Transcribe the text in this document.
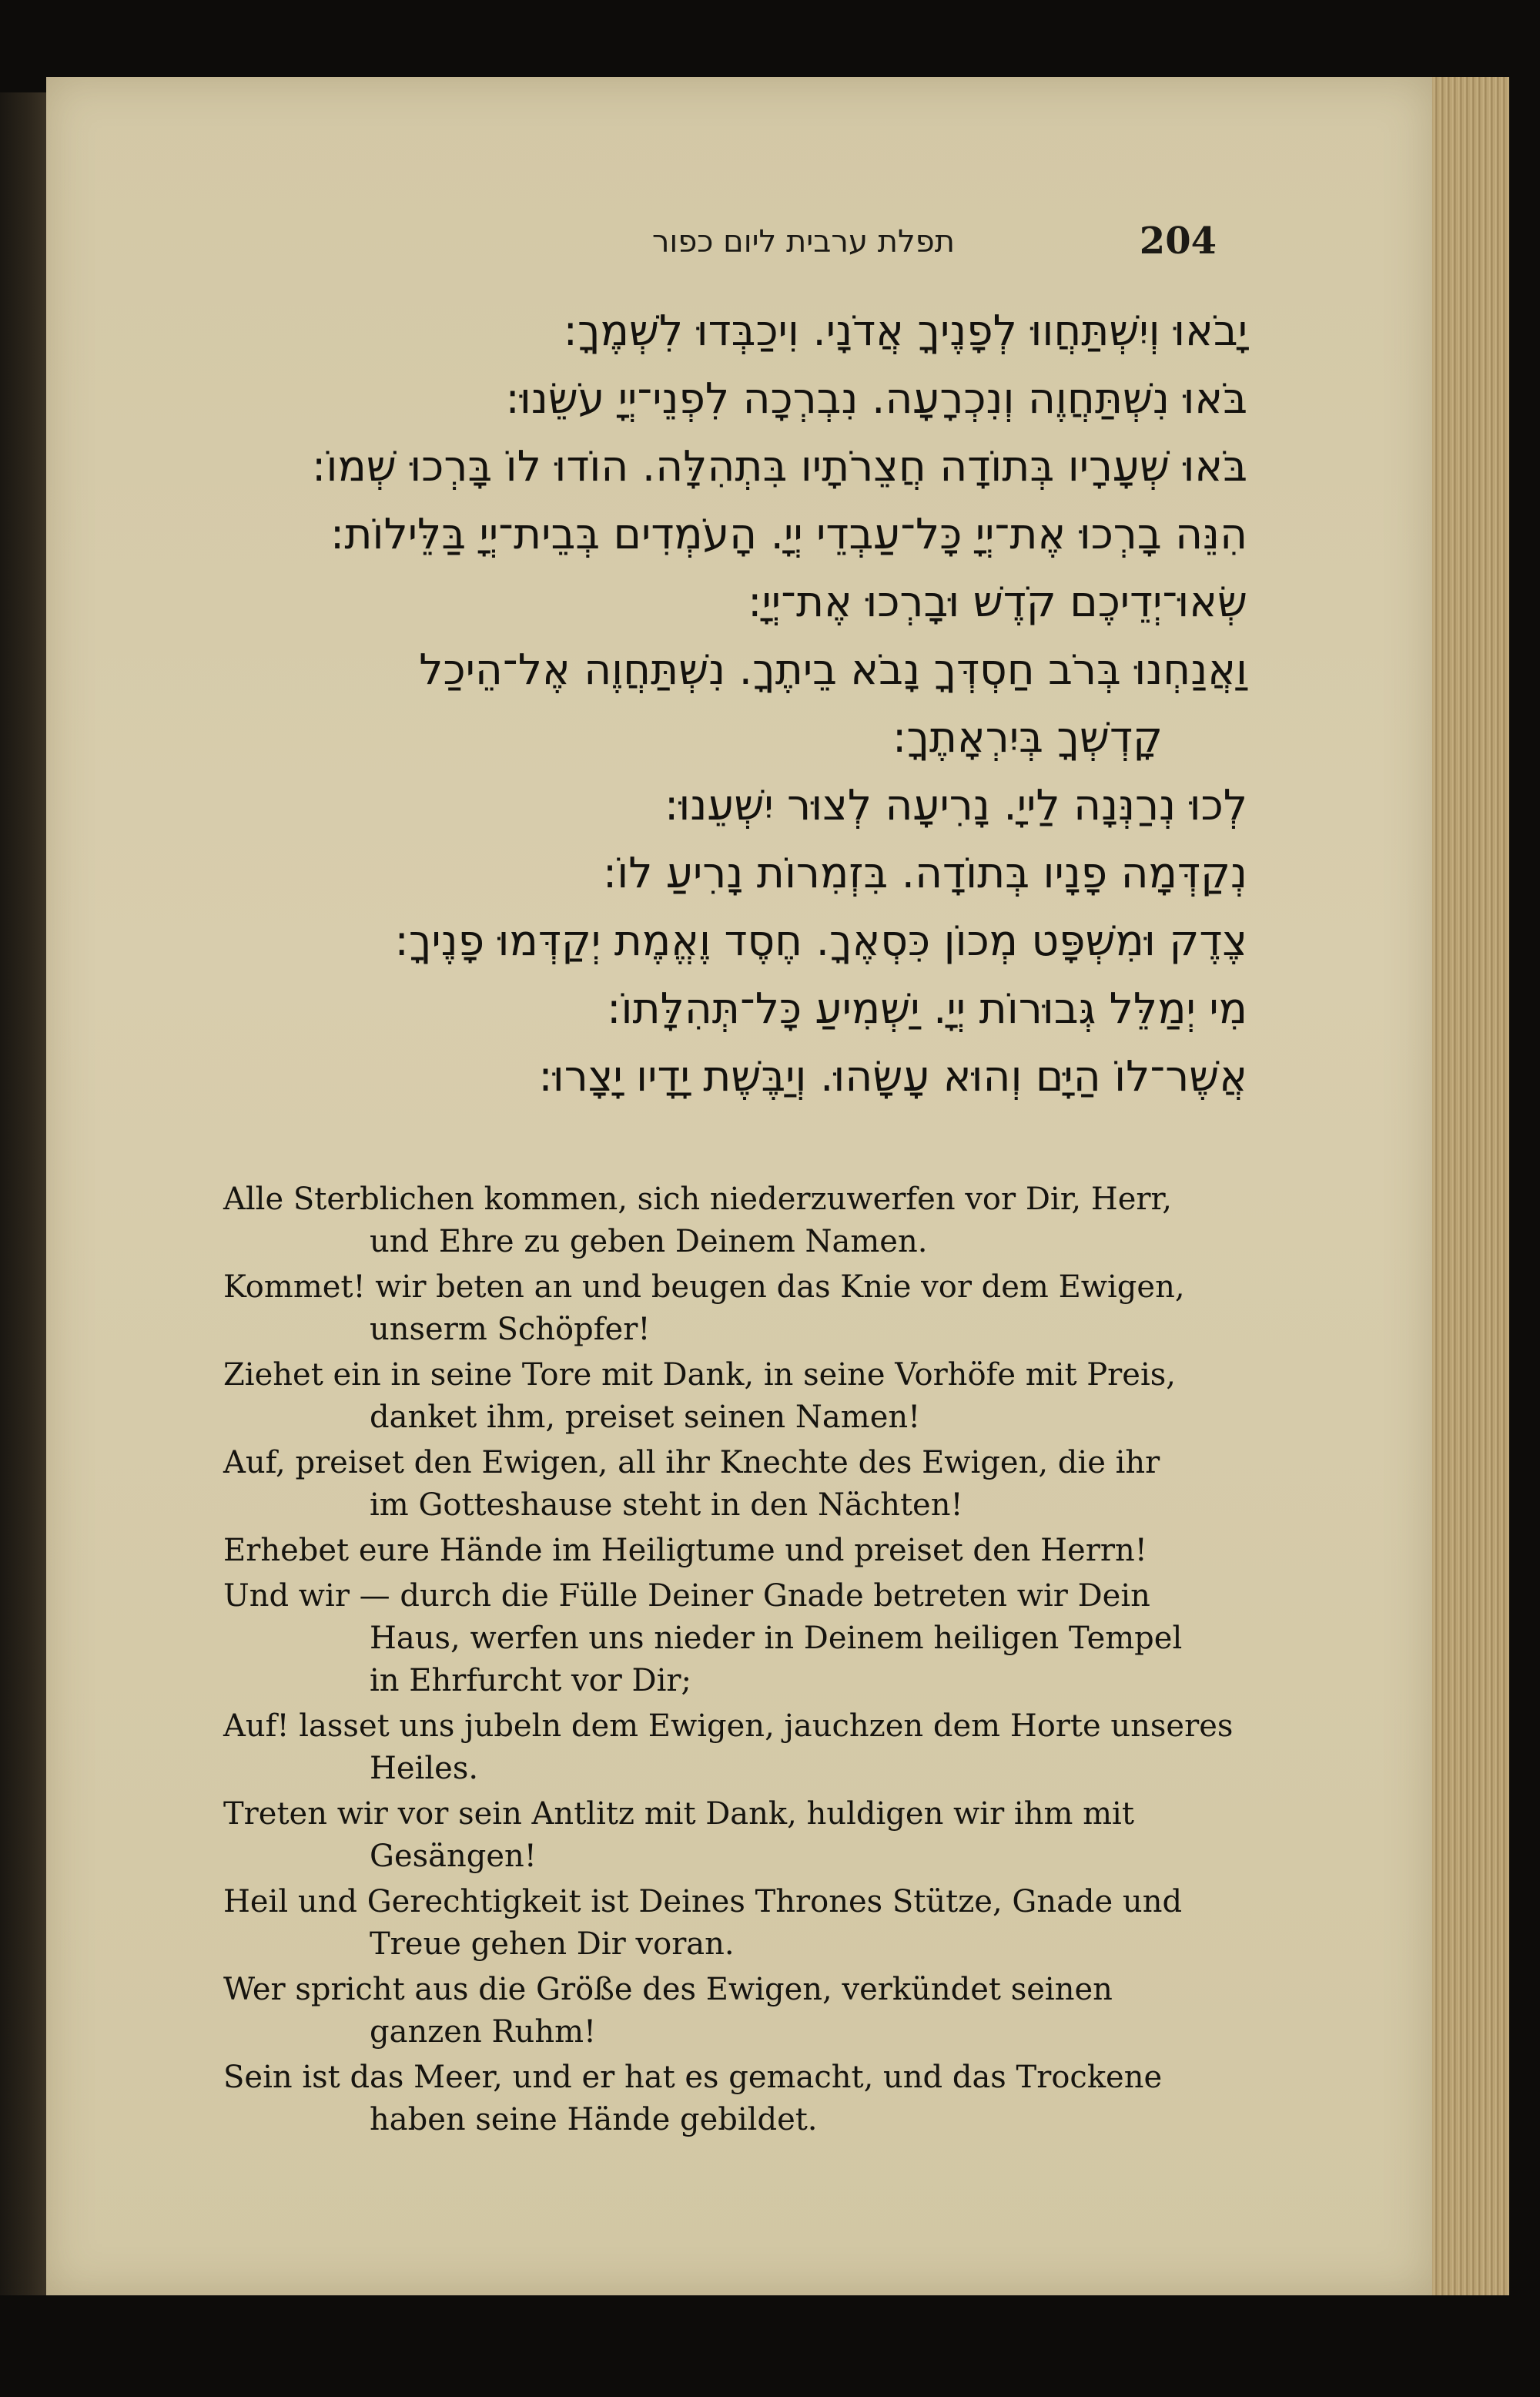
תפלת ערבית ליום כפור	204
יָבֹאוּ וְיִשְׁתַּחֲווּ לְפָנֶיךָ אֲדֹנָי. וִיכַבְּדוּ לִשְׁמֶךָ:
בֹּאוּ נִשְׁתַּחֲוֶה וְנִכְרָעָה. נִבְרְכָה לִפְנֵי־יְיָ עֹשֵׂנוּ:
בֹּאוּ שְׁעָרָיו בְּתוֹדָה חֲצֵרֹתָיו בִּתְהִלָּה. הוֹדוּ לוֹ בָּרְכוּ שְׁמוֹ:
הִנֵּה בָרְכוּ אֶת־יְיָ כָּל־עַבְדֵי יְיָ. הָעֹמְדִים בְּבֵית־יְיָ בַּלֵּילוֹת:
שְׂאוּ־יְדֵיכֶם קֹדֶשׁ וּבָרְכוּ אֶת־יְיָ:
וַאֲנַחְנוּ בְּרֹב חַסְדְּךָ נָבֹא בֵיתֶךָ. נִשְׁתַּחֲוֶה אֶל־הֵיכַל
קָדְשְׁךָ בְּיִרְאָתֶךָ:
לְכוּ נְרַנְּנָה לַייָ. נָרִיעָה לְצוּר יִשְׁעֵנוּ:
נְקַדְּמָה פָנָיו בְּתוֹדָה. בִּזְמִרוֹת נָרִיעַ לוֹ:
צֶדֶק וּמִשְׁפָּט מְכוֹן כִּסְאֶךָ. חֶסֶד וֶאֱמֶת יְקַדְּמוּ פָנֶיךָ:
מִי יְמַלֵּל גְּבוּרוֹת יְיָ. יַשְׁמִיעַ כָּל־תְּהִלָּתוֹ:
אֲשֶׁר־לוֹ הַיָּם וְהוּא עָשָׂהוּ. וְיַבֶּשֶׁת יָדָיו יָצָרוּ:
Alle Sterblichen kommen, sich niederzuwerfen vor Dir, Herr,
und Ehre zu geben Deinem Namen.
Kommet! wir beten an und beugen das Knie vor dem Ewigen,
unserm Schöpfer!
Ziehet ein in seine Tore mit Dank, in seine Vorhöfe mit Preis,
danket ihm, preiset seinen Namen!
Auf, preiset den Ewigen, all ihr Knechte des Ewigen, die ihr
im Gotteshause steht in den Nächten!
Erhebet eure Hände im Heiligtume und preiset den Herrn!
Und wir — durch die Fülle Deiner Gnade betreten wir Dein
Haus, werfen uns nieder in Deinem heiligen Tempel
in Ehrfurcht vor Dir;
Auf! lasset uns jubeln dem Ewigen, jauchzen dem Horte unseres
Heiles.
Treten wir vor sein Antlitz mit Dank, huldigen wir ihm mit
Gesängen!
Heil und Gerechtigkeit ist Deines Thrones Stütze, Gnade und
Treue gehen Dir voran.
Wer spricht aus die Größe des Ewigen, verkündet seinen
ganzen Ruhm!
Sein ist das Meer, und er hat es gemacht, und das Trockene
haben seine Hände gebildet.
